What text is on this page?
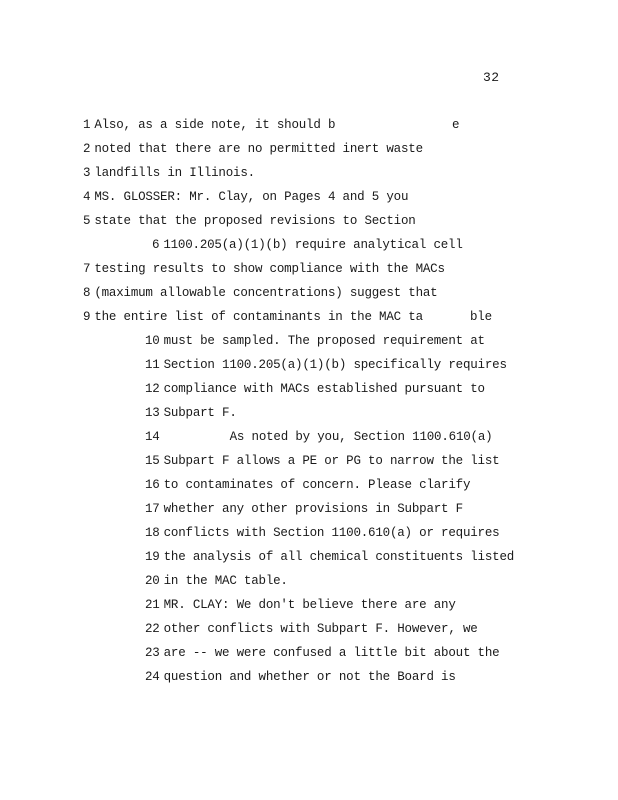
32
1 Also, as a side note, it should b	e
2 noted that there are no permitted inert waste
3 landfills in Illinois.
4 MS. GLOSSER: Mr. Clay, on Pages 4 and 5 you
5 state that the proposed revisions to Section
6 1100.205(a)(1)(b) require analytical cell
7 testing results to show compliance with the MACs
8 (maximum allowable concentrations) suggest that
9 the entire list of contaminants in the MAC ta	ble
10 must be sampled. The proposed requirement at
11 Section 1100.205(a)(1)(b) specifically requires
12 compliance with MACs established pursuant to
13 Subpart F.
14	As noted by you, Section 1100.610(a)
15 Subpart F allows a PE or PG to narrow the list
16 to contaminates of concern. Please clarify
17 whether any other provisions in Subpart F
18 conflicts with Section 1100.610(a) or requires
19 the analysis of all chemical constituents listed
20 in the MAC table.
21 MR. CLAY: We don't believe there are any
22 other conflicts with Subpart F. However, we
23 are -- we were confused a little bit about the
24 question and whether or not the Board is
